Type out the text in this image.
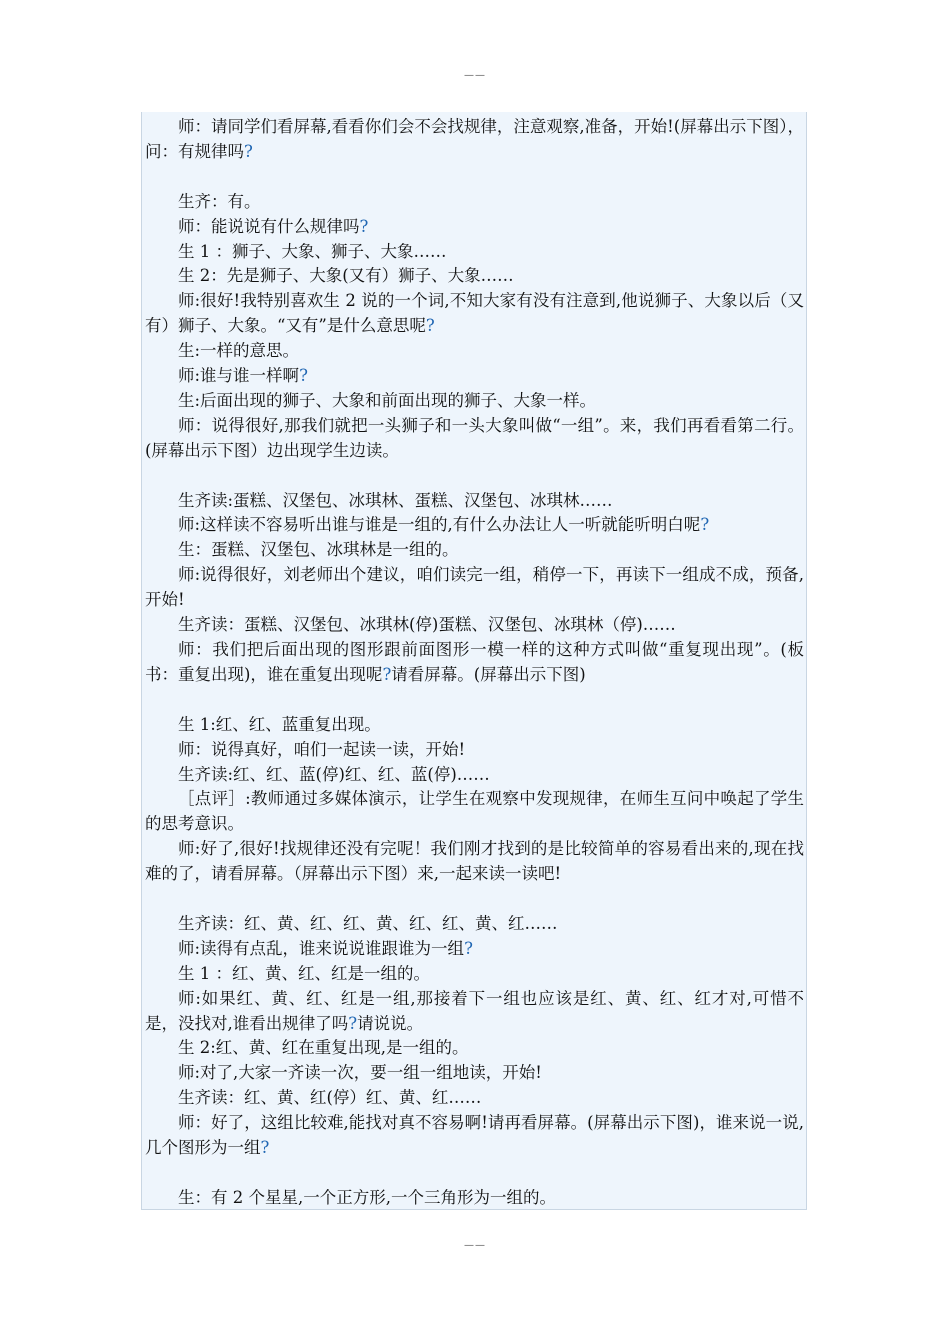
——

师：请同学们看屏幕,看看你们会不会找规律，注意观察,准备，开始!(屏幕出示下图），问：有规律吗?

生齐：有。

师：能说说有什么规律吗?

生 1 ：狮子、大象、狮子、大象……

生 2：先是狮子、大象(又有）狮子、大象……

师:很好!我特别喜欢生 2 说的一个词,不知大家有没有注意到,他说狮子、大象以后（又有）狮子、大象。“又有”是什么意思呢?

生:一样的意思。

师:谁与谁一样啊?

生:后面出现的狮子、大象和前面出现的狮子、大象一样。

师：说得很好,那我们就把一头狮子和一头大象叫做“一组”。来，我们再看看第二行。(屏幕出示下图）边出现学生边读。

生齐读:蛋糕、汉堡包、冰琪林、蛋糕、汉堡包、冰琪林……

师:这样读不容易听出谁与谁是一组的,有什么办法让人一听就能听明白呢?

生：蛋糕、汉堡包、冰琪林是一组的。

师:说得很好，刘老师出个建议，咱们读完一组，稍停一下，再读下一组成不成，预备,开始!

生齐读：蛋糕、汉堡包、冰琪林(停)蛋糕、汉堡包、冰琪林（停)……

师：我们把后面出现的图形跟前面图形一模一样的这种方式叫做“重复现出现”。(板书：重复出现)，谁在重复出现呢?请看屏幕。(屏幕出示下图)

生 1:红、红、蓝重复出现。

师：说得真好，咱们一起读一读，开始!

生齐读:红、红、蓝(停)红、红、蓝(停)……

［点评］:教师通过多媒体演示，让学生在观察中发现规律，在师生互问中唤起了学生的思考意识。

师:好了,很好!找规律还没有完呢！我们刚才找到的是比较简单的容易看出来的,现在找难的了，请看屏幕。（屏幕出示下图）来,一起来读一读吧!

生齐读：红、黄、红、红、黄、红、红、黄、红……

师:读得有点乱，谁来说说谁跟谁为一组?

生 1 ：红、黄、红、红是一组的。

师:如果红、黄、红、红是一组,那接着下一组也应该是红、黄、红、红才对,可惜不是，没找对,谁看出规律了吗?请说说。

生 2:红、黄、红在重复出现,是一组的。

师:对了,大家一齐读一次，要一组一组地读，开始!

生齐读：红、黄、红(停）红、黄、红……

师：好了，这组比较难,能找对真不容易啊!请再看屏幕。(屏幕出示下图)，谁来说一说,几个图形为一组?

生：有 2 个星星,一个正方形,一个三角形为一组的。

——
